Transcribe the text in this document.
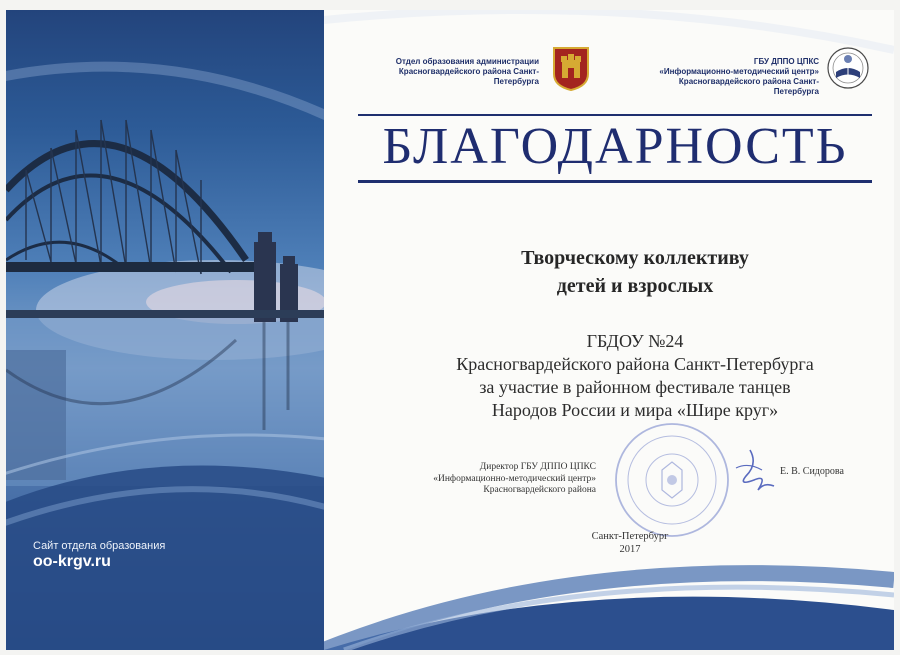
Отдел образования администрации
Красногвардейского района Санкт-Петербурга
ГБУ ДППО ЦПКС
«Информационно-методический центр»
Красногвардейского района Санкт-Петербурга
БЛАГОДАРНОСТЬ
Творческому коллективу
детей и взрослых
ГБДОУ №24
Красногвардейского района Санкт-Петербурга
за участие в районном фестивале танцев
Народов России и мира «Шире круг»
Директор ГБУ ДППО ЦПКС
«Информационно-методический центр»
Красногвардейского района
Е. В. Сидорова
Санкт-Петербург
2017
Сайт отдела образования
oo-krgv.ru
